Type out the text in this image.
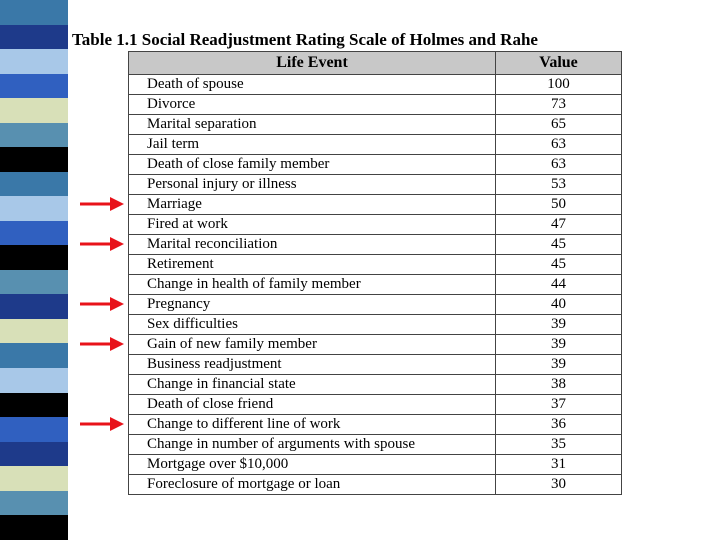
Table 1.1 Social Readjustment Rating Scale of Holmes and Rahe
Life Event	Value
Death of spouse	100
Divorce	73
Marital separation	65
Jail term	63
Death of close family member	63
Personal injury or illness	53
Marriage	50
Fired at work	47
Marital reconciliation	45
Retirement	45
Change in health of family member	44
Pregnancy	40
Sex difficulties	39
Gain of new family member	39
Business readjustment	39
Change in financial state	38
Death of close friend	37
Change to different line of work	36
Change in number of arguments with spouse	35
Mortgage over $10,000	31
Foreclosure of mortgage or loan	30
